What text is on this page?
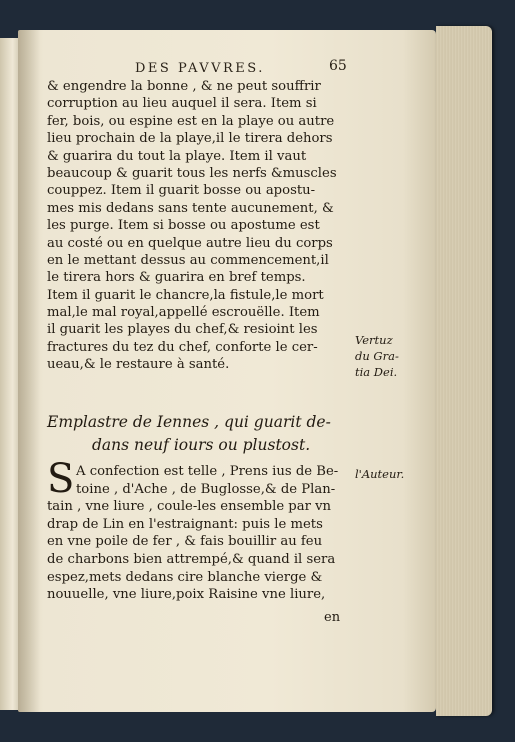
DES PAVVRES.	65
& engendre la bonne , & ne peut souffrir
corruption au lieu auquel il sera. Item si
fer, bois, ou espine est en la playe ou autre
lieu prochain de la playe,il le tirera dehors
& guarira du tout la playe. Item il vaut
beaucoup & guarit tous les nerfs &muscles
couppez. Item il guarit bosse ou apostu-
mes mis dedans sans tente aucunement, &
les purge. Item si bosse ou apostume est
au costé ou en quelque autre lieu du corps
en le mettant dessus au commencement,il
le tirera hors & guarira en bref temps.
Item il guarit le chancre,la fistule,le mort
mal,le mal royal,appellé escrouëlle. Item
il guarit les playes du chef,& resioint les
fractures du tez du chef, conforte le cer-
ueau,& le restaure à santé.
Vertuz
du Gra-
tia Dei.
Emplastre de Iennes , qui guarit de-
dans neuf iours ou plustost.
S A confection est telle , Prens ius de Be-
toine , d'Ache , de Buglosse,& de Plan-
tain , vne liure , coule-les ensemble par vn
drap de Lin en l'estraignant: puis le mets
en vne poile de fer , & fais bouillir au feu
de charbons bien attrempé,& quand il sera
espez,mets dedans cire blanche vierge &
nouuelle, vne liure,poix Raisine vne liure,
l'Auteur.
en
